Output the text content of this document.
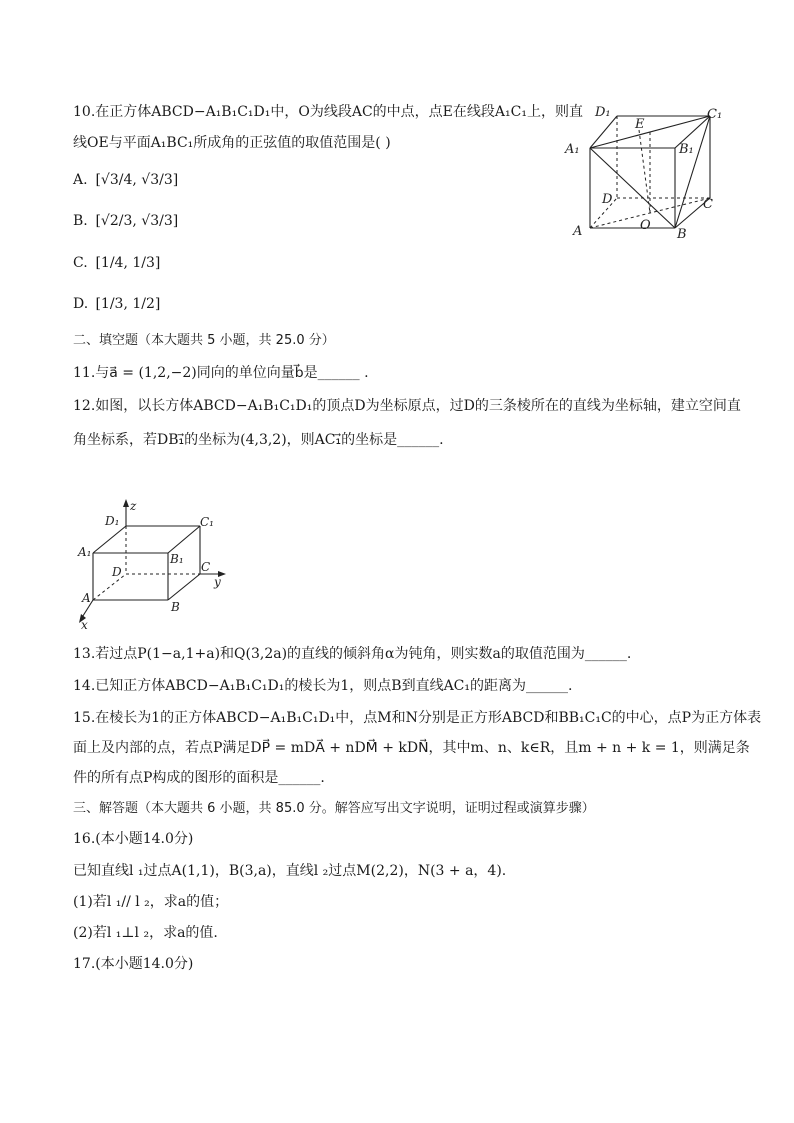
10.在正方体ABCD−A₁B₁C₁D₁中，O为线段AC的中点，点E在线段A₁C₁上，则直
线OE与平面A₁BC₁所成角的正弦值的取值范围是( )
A. [√3/4, √3/3]
B. [√2/3, √3/3]
C. [1/4, 1/3]
D. [1/3, 1/2]
D₁	C₁
A₁	B₁
E
D	C
A	O
B
二、填空题（本大题共 5 小题，共 25.0 分）
11.与a⃗ = (1,2,−2)同向的单位向量b⃗是______ .
12.如图，以长方体ABCD−A₁B₁C₁D₁的顶点D为坐标原点，过D的三条棱所在的直线为坐标轴，建立空间直
角坐标系，若DB₁⃗的坐标为(4,3,2)，则AC₁⃗的坐标是______.
z
y
x
D₁	C₁
A₁	B₁
D	C
A
B
13.若过点P(1−a,1+a)和Q(3,2a)的直线的倾斜角α为钝角，则实数a的取值范围为______.
14.已知正方体ABCD−A₁B₁C₁D₁的棱长为1，则点B到直线AC₁的距离为______.
15.在棱长为1的正方体ABCD−A₁B₁C₁D₁中，点M和N分别是正方形ABCD和BB₁C₁C的中心，点P为正方体表
面上及内部的点，若点P满足DP⃗ = mDA⃗ + nDM⃗ + kDN⃗，其中m、n、k∈R，且m + n + k = 1，则满足条
件的所有点P构成的图形的面积是______.
三、解答题（本大题共 6 小题，共 85.0 分。解答应写出文字说明，证明过程或演算步骤）
16.(本小题14.0分)
已知直线l ₁过点A(1,1)，B(3,a)，直线l ₂过点M(2,2)，N(3 + a，4).
(1)若l ₁// l ₂，求a的值；
(2)若l ₁⊥l ₂，求a的值.
17.(本小题14.0分)
